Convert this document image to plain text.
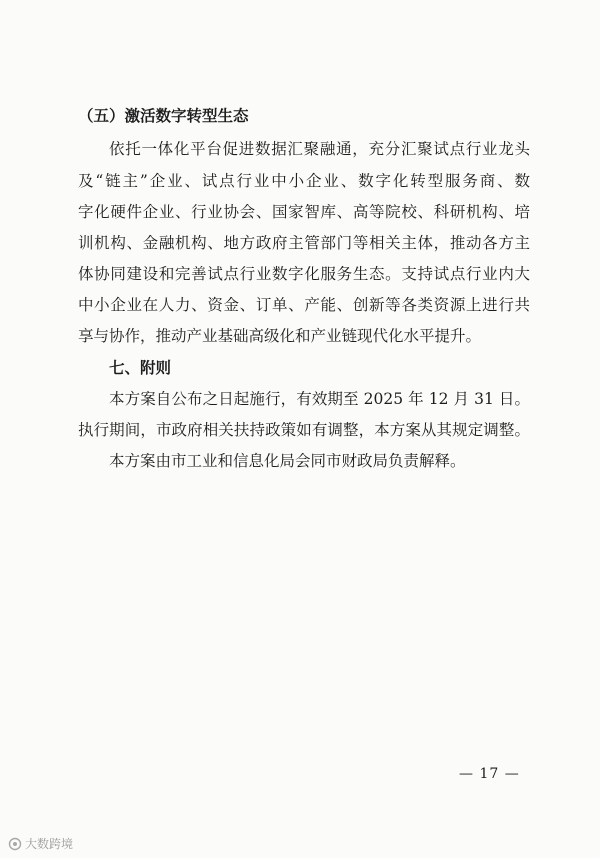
（五）激活数字转型生态
依托一体化平台促进数据汇聚融通，充分汇聚试点行业龙头
及“链主”企业、试点行业中小企业、数字化转型服务商、数
字化硬件企业、行业协会、国家智库、高等院校、科研机构、培
训机构、金融机构、地方政府主管部门等相关主体，推动各方主
体协同建设和完善试点行业数字化服务生态。支持试点行业内大
中小企业在人力、资金、订单、产能、创新等各类资源上进行共
享与协作，推动产业基础高级化和产业链现代化水平提升。
七、附则
本方案自公布之日起施行，有效期至 2025 年 12 月 31 日。
执行期间，市政府相关扶持政策如有调整，本方案从其规定调整。
本方案由市工业和信息化局会同市财政局负责解释。
— 17 —
大数跨境
